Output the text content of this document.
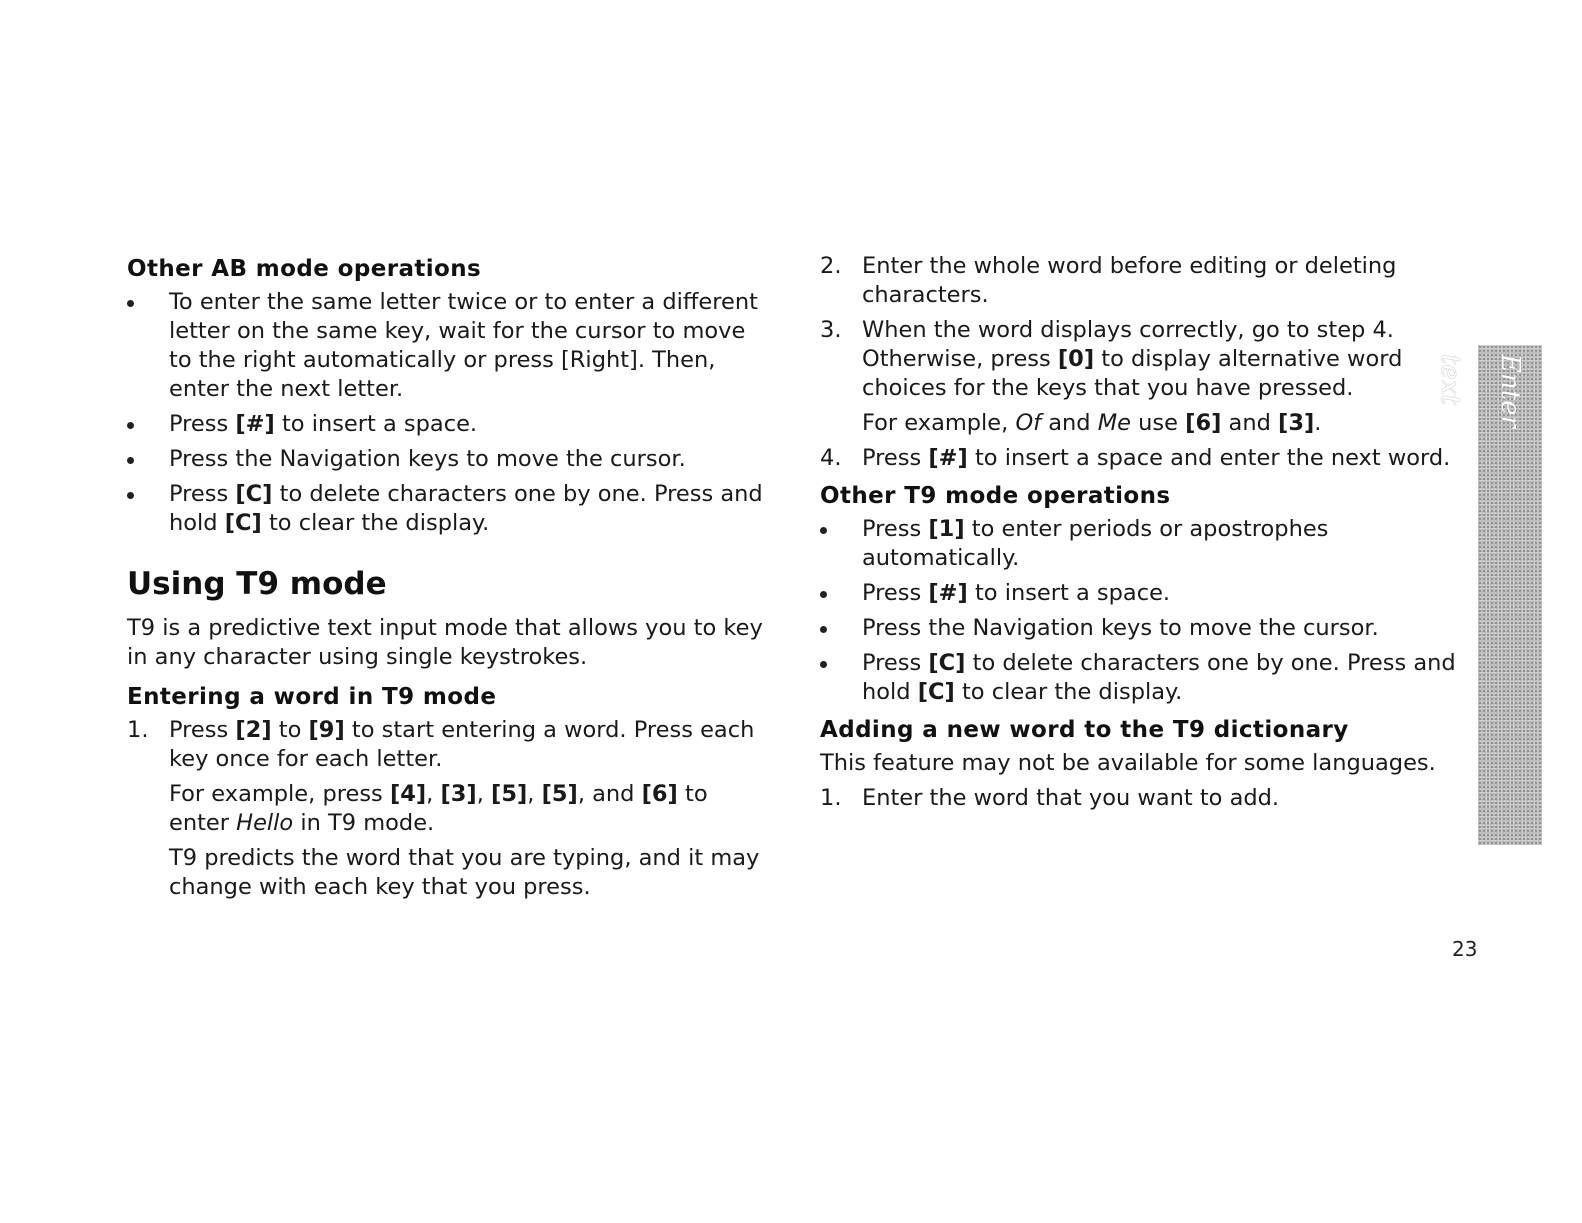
Other AB mode operations
To enter the same letter twice or to enter a different letter on the same key, wait for the cursor to move to the right automatically or press [Right]. Then, enter the next letter.
Press [#] to insert a space.
Press the Navigation keys to move the cursor.
Press [C] to delete characters one by one. Press and hold [C] to clear the display.
Using T9 mode

T9 is a predictive text input mode that allows you to key in any character using single keystrokes.

Entering a word in T9 mode
1. Press [2] to [9] to start entering a word. Press each key once for each letter.
For example, press [4], [3], [5], [5], and [6] to enter Hello in T9 mode.
T9 predicts the word that you are typing, and it may change with each key that you press.
2. Enter the whole word before editing or deleting characters.
3. When the word displays correctly, go to step 4. Otherwise, press [0] to display alternative word choices for the keys that you have pressed.
For example, Of and Me use [6] and [3].
4. Press [#] to insert a space and enter the next word.
Other T9 mode operations
Press [1] to enter periods or apostrophes automatically.
Press [#] to insert a space.
Press the Navigation keys to move the cursor.
Press [C] to delete characters one by one. Press and hold [C] to clear the display.
Adding a new word to the T9 dictionary

This feature may not be available for some languages.

1. Enter the word that you want to add.
Enter text
23
